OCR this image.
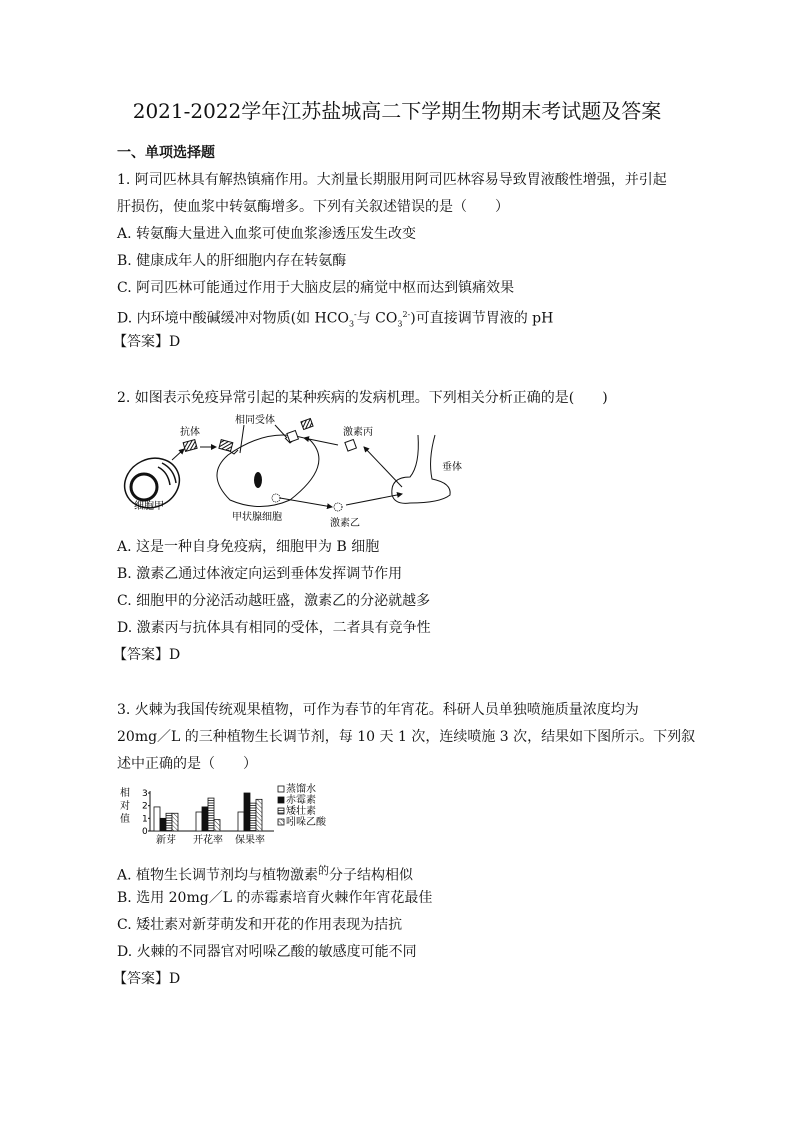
2021-2022学年江苏盐城高二下学期生物期末考试题及答案
一、单项选择题
1. 阿司匹林具有解热镇痛作用。大剂量长期服用阿司匹林容易导致胃液酸性增强，并引起
肝损伤，使血浆中转氨酶增多。下列有关叙述错误的是（　　）
A. 转氨酶大量进入血浆可使血浆渗透压发生改变
B. 健康成年人的肝细胞内存在转氨酶
C. 阿司匹林可能通过作用于大脑皮层的痛觉中枢而达到镇痛效果
D. 内环境中酸碱缓冲对物质(如 $HCO_3^-$与 $CO_3^{2-}$)可直接调节胃液的 pH
【答案】D
2. 如图表示免疫异常引起的某种疾病的发病机理。下列相关分析正确的是(　　)
抗体
相同受体
激素丙
垂体
细胞甲
甲状腺细胞
激素乙
A. 这是一种自身免疫病，细胞甲为 B 细胞
B. 激素乙通过体液定向运到垂体发挥调节作用
C. 细胞甲的分泌活动越旺盛，激素乙的分泌就越多
D. 激素丙与抗体具有相同的受体，二者具有竞争性
【答案】D
3. 火棘为我国传统观果植物，可作为春节的年宵花。科研人员单独喷施质量浓度均为
20mg／L 的三种植物生长调节剂，每 10 天 1 次，连续喷施 3 次，结果如下图所示。下列叙
述中正确的是（　　）
相对值
0
1
2
3
新芽 开花率 保果率
蒸馏水
赤霉素
矮壮素
吲哚乙酸
A. 植物生长调节剂均与植物激素$^的$分子结构相似
B. 选用 20mg／L 的赤霉素培育火棘作年宵花最佳
C. 矮壮素对新芽萌发和开花的作用表现为拮抗
D. 火棘的不同器官对吲哚乙酸的敏感度可能不同
【答案】D
